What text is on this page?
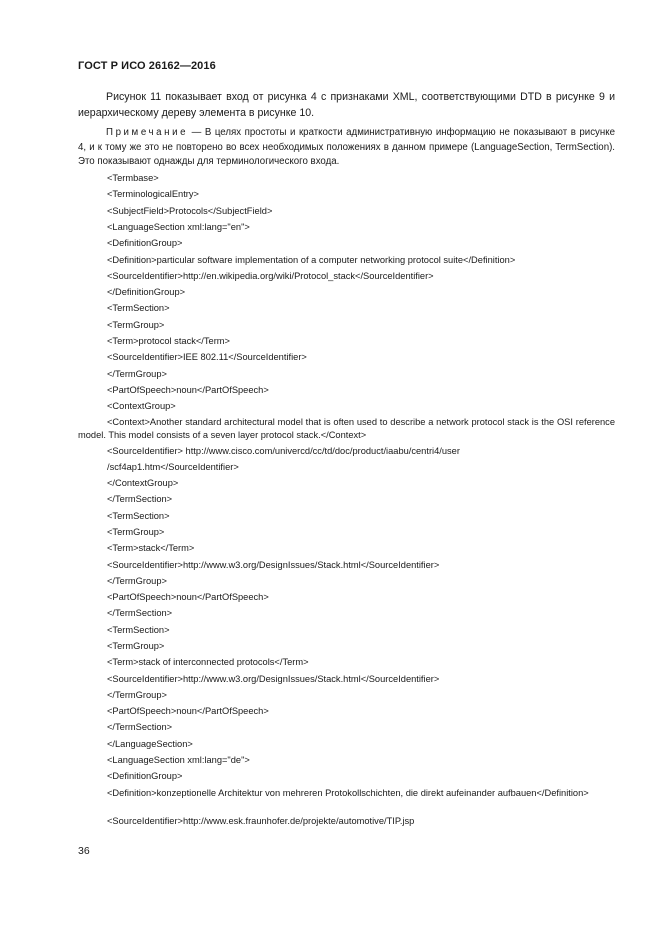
ГОСТ Р ИСО 26162—2016

Рисунок 11 показывает вход от рисунка 4 с признаками XML, соответствующими DTD в рисунке 9 и иерархическому дереву элемента в рисунке 10.

Примечание — В целях простоты и краткости административную информацию не показывают в рисунке 4, и к тому же это не повторено во всех необходимых положениях в данном примере (LanguageSection, TermSection). Это показывают однажды для терминологического входа.

<Termbase>
<TerminologicalEntry>
<SubjectField>Protocols</SubjectField>
<LanguageSection xml:lang="en">
<DefinitionGroup>
<Definition>particular software implementation of a computer networking protocol suite</Definition>
<SourceIdentifier>http://en.wikipedia.org/wiki/Protocol_stack</SourceIdentifier>
</DefinitionGroup>
<TermSection>
<TermGroup>
<Term>protocol stack</Term>
<SourceIdentifier>IEE 802.11</SourceIdentifier>
</TermGroup>
<PartOfSpeech>noun</PartOfSpeech>
<ContextGroup>

<Context>Another standard architectural model that is often used to describe a network protocol stack is the OSI reference model. This model consists of a seven layer protocol stack.</Context>

<SourceIdentifier> http://www.cisco.com/univercd/cc/td/doc/product/iaabu/centri4/user
/scf4ap1.htm</SourceIdentifier>
</ContextGroup>
</TermSection>
<TermSection>
<TermGroup>
<Term>stack</Term>
<SourceIdentifier>http://www.w3.org/DesignIssues/Stack.html</SourceIdentifier>
</TermGroup>
<PartOfSpeech>noun</PartOfSpeech>
</TermSection>
<TermSection>
<TermGroup>
<Term>stack of interconnected protocols</Term>
<SourceIdentifier>http://www.w3.org/DesignIssues/Stack.html</SourceIdentifier>
</TermGroup>
<PartOfSpeech>noun</PartOfSpeech>
</TermSection>
</LanguageSection>
<LanguageSection xml:lang="de">
<DefinitionGroup>

<Definition>konzeptionelle Architektur von mehreren Protokollschichten, die direkt aufeinander aufbauen</Definition>

<SourceIdentifier>http://www.esk.fraunhofer.de/projekte/automotive/TIP.jsp
36
